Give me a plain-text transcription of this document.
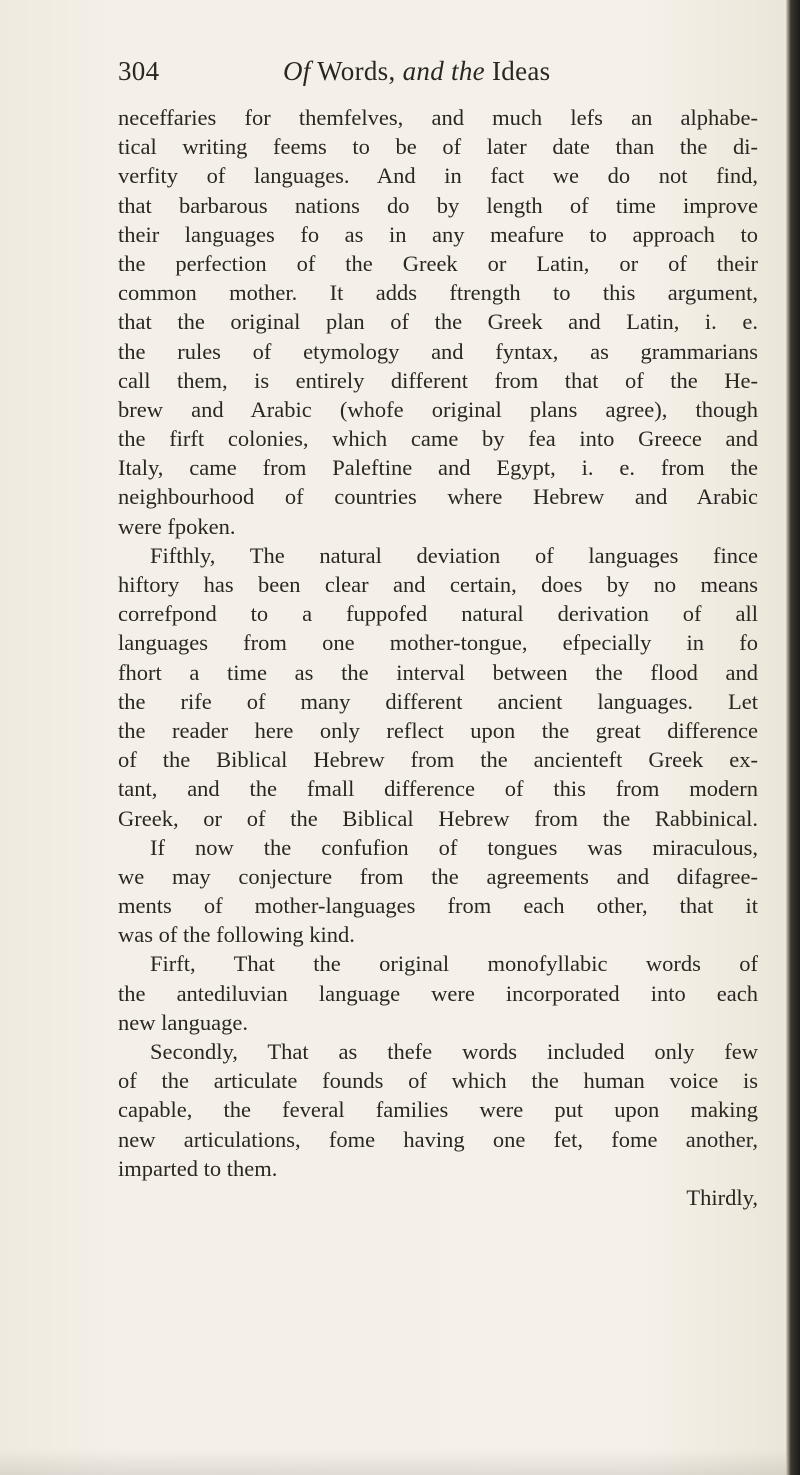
304	Of Words, and the Ideas
neceffaries for themfelves, and much lefs an alphabe-
tical writing feems to be of later date than the di-
verfity of languages. And in fact we do not find,
that barbarous nations do by length of time improve
their languages fo as in any meafure to approach to
the perfection of the Greek or Latin, or of their
common mother. It adds ftrength to this argument,
that the original plan of the Greek and Latin, i. e.
the rules of etymology and fyntax, as grammarians
call them, is entirely different from that of the He-
brew and Arabic (whofe original plans agree), though
the firft colonies, which came by fea into Greece and
Italy, came from Paleftine and Egypt, i. e. from the
neighbourhood of countries where Hebrew and Arabic
were fpoken.
Fifthly, The natural deviation of languages fince
hiftory has been clear and certain, does by no means
correfpond to a fuppofed natural derivation of all
languages from one mother-tongue, efpecially in fo
fhort a time as the interval between the flood and
the rife of many different ancient languages. Let
the reader here only reflect upon the great difference
of the Biblical Hebrew from the ancienteft Greek ex-
tant, and the fmall difference of this from modern
Greek, or of the Biblical Hebrew from the Rabbinical.
If now the confufion of tongues was miraculous,
we may conjecture from the agreements and difagree-
ments of mother-languages from each other, that it
was of the following kind.
Firft, That the original monofyllabic words of
the antediluvian language were incorporated into each
new language.
Secondly, That as thefe words included only few
of the articulate founds of which the human voice is
capable, the feveral families were put upon making
new articulations, fome having one fet, fome another,
imparted to them.
Thirdly,
